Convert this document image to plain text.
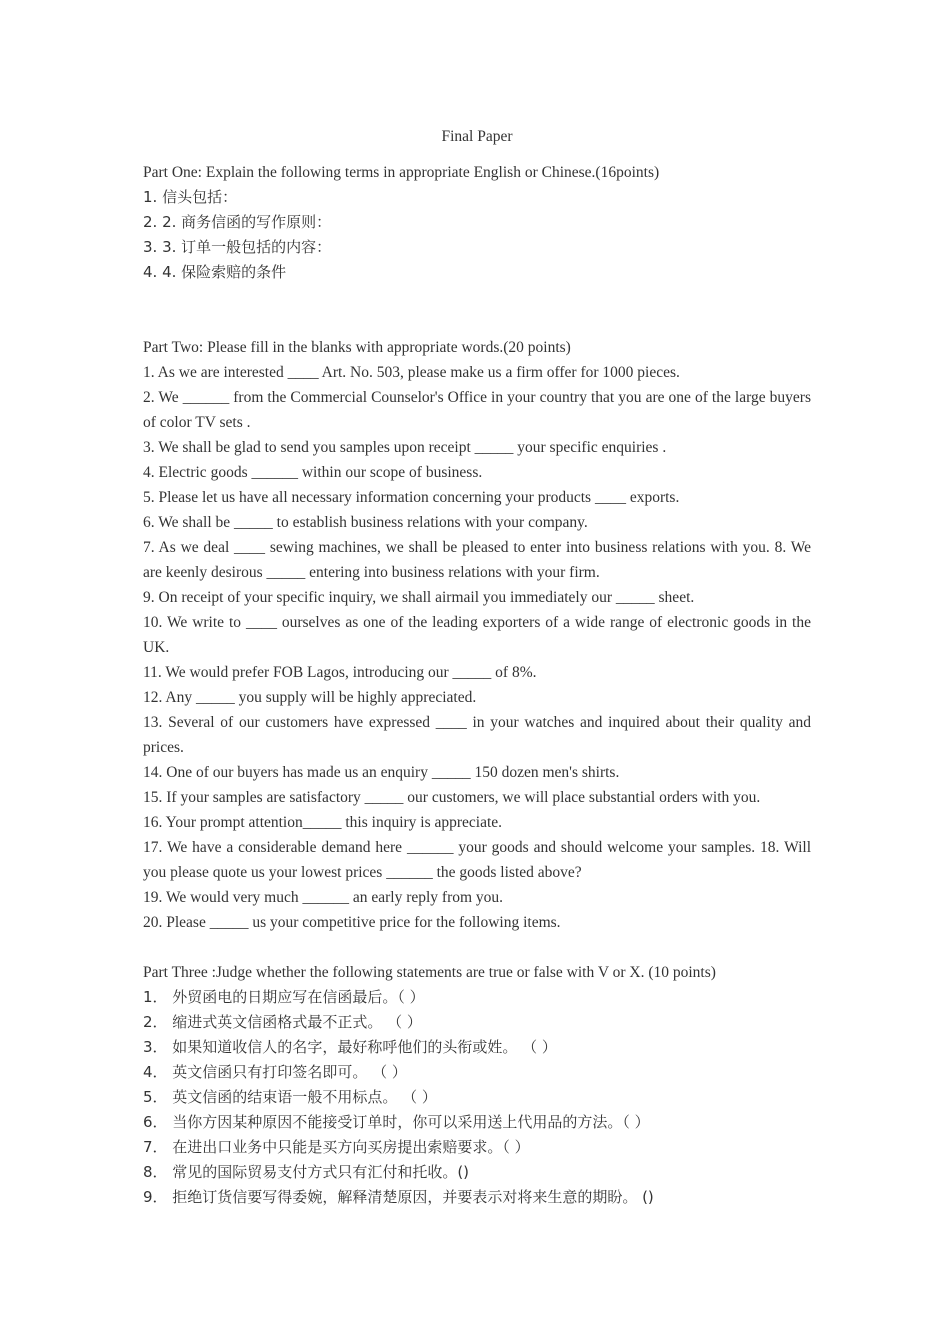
Final Paper
Part One: Explain the following terms in appropriate English or Chinese.(16points)
1. 信头包括：
2. 2. 商务信函的写作原则：
3. 3. 订单一般包括的内容：
4. 4. 保险索赔的条件
Part Two: Please fill in the blanks with appropriate words.(20 points)
1. As we are interested ____ Art. No. 503, please make us a firm offer for 1000 pieces.
2. We ______ from the Commercial Counselor's Office in your country that you are one of the large buyers of color TV sets .
3. We shall be glad to send you samples upon receipt _____ your specific enquiries .
4. Electric goods ______ within our scope of business.
5. Please let us have all necessary information concerning your products ____ exports.
6. We shall be _____ to establish business relations with your company.
7. As we deal ____ sewing machines, we shall be pleased to enter into business relations with you. 8. We are keenly desirous _____ entering into business relations with your firm.
9. On receipt of your specific inquiry, we shall airmail you immediately our _____ sheet.
10. We write to ____ ourselves as one of the leading exporters of a wide range of electronic goods in the UK.
11. We would prefer FOB Lagos, introducing our _____ of 8%.
12. Any _____ you supply will be highly appreciated.
13. Several of our customers have expressed ____ in your watches and inquired about their quality and prices.
14. One of our buyers has made us an enquiry _____ 150 dozen men's shirts.
15. If your samples are satisfactory _____ our customers, we will place substantial orders with you.
16. Your prompt attention_____ this inquiry is appreciate.
17. We have a considerable demand here ______ your goods and should welcome your samples. 18. Will you please quote us your lowest prices ______ the goods listed above?
19. We would very much ______ an early reply from you.
20. Please _____ us your competitive price for the following items.
Part Three :Judge whether the following statements are true or false with V or X. (10 points)
1． 外贸函电的日期应写在信函最后。（ ）
2． 缩进式英文信函格式最不正式。 （ ）
3． 如果知道收信人的名字，最好称呼他们的头衔或姓。 （ ）
4． 英文信函只有打印签名即可。 （ ）
5． 英文信函的结束语一般不用标点。 （ ）
6． 当你方因某种原因不能接受订单时，你可以采用送上代用品的方法。（ ）
7． 在进出口业务中只能是买方向买房提出索赔要求。（ ）
8． 常见的国际贸易支付方式只有汇付和托收。()
9． 拒绝订货信要写得委婉，解释清楚原因，并要表示对将来生意的期盼。 ()
